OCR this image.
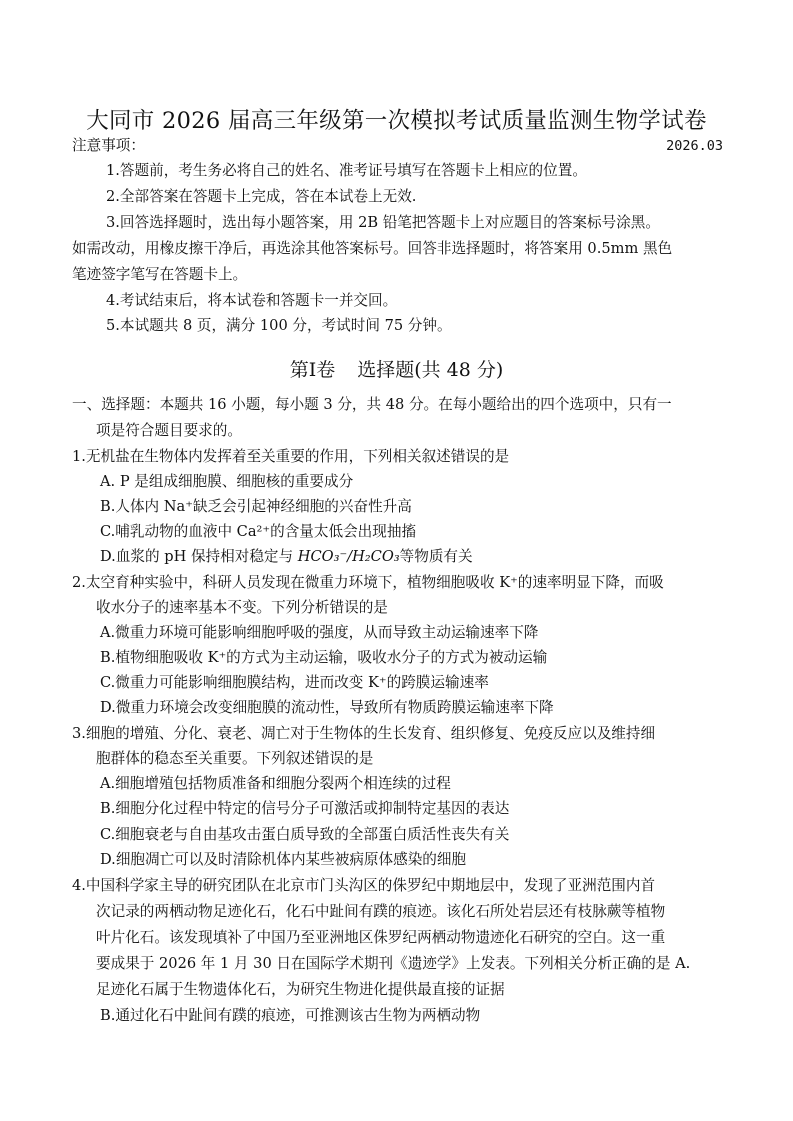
大同市 2026 届高三年级第一次模拟考试质量监测生物学试卷
注意事项：	2026.03
1.答题前，考生务必将自己的姓名、准考证号填写在答题卡上相应的位置。
2.全部答案在答题卡上完成，答在本试卷上无效.
3.回答选择题时，选出每小题答案，用 2B 铅笔把答题卡上对应题目的答案标号涂黑。
如需改动，用橡皮擦干净后，再选涂其他答案标号。回答非选择题时，将答案用 0.5mm 黑色
笔迹签字笔写在答题卡上。
4.考试结束后，将本试卷和答题卡一并交回。
5.本试题共 8 页，满分 100 分，考试时间 75 分钟。
第Ⅰ卷 选择题(共 48 分)
一、选择题：本题共 16 小题，每小题 3 分，共 48 分。在每小题给出的四个选项中，只有一
项是符合题目要求的。
1.无机盐在生物体内发挥着至关重要的作用，下列相关叙述错误的是
A. P 是组成细胞膜、细胞核的重要成分
B.人体内 Na⁺缺乏会引起神经细胞的兴奋性升高
C.哺乳动物的血液中 Ca²⁺的含量太低会出现抽搐
D.血浆的 pH 保持相对稳定与 HCO₃⁻/H₂CO₃等物质有关
2.太空育种实验中，科研人员发现在微重力环境下，植物细胞吸收 K⁺的速率明显下降，而吸
收水分子的速率基本不变。下列分析错误的是
A.微重力环境可能影响细胞呼吸的强度，从而导致主动运输速率下降
B.植物细胞吸收 K⁺的方式为主动运输，吸收水分子的方式为被动运输
C.微重力可能影响细胞膜结构，进而改变 K⁺的跨膜运输速率
D.微重力环境会改变细胞膜的流动性，导致所有物质跨膜运输速率下降
3.细胞的增殖、分化、衰老、凋亡对于生物体的生长发育、组织修复、免疫反应以及维持细
胞群体的稳态至关重要。下列叙述错误的是
A.细胞增殖包括物质准备和细胞分裂两个相连续的过程
B.细胞分化过程中特定的信号分子可激活或抑制特定基因的表达
C.细胞衰老与自由基攻击蛋白质导致的全部蛋白质活性丧失有关
D.细胞凋亡可以及时清除机体内某些被病原体感染的细胞
4.中国科学家主导的研究团队在北京市门头沟区的侏罗纪中期地层中，发现了亚洲范围内首
次记录的两栖动物足迹化石，化石中趾间有蹼的痕迹。该化石所处岩层还有枝脉蕨等植物
叶片化石。该发现填补了中国乃至亚洲地区侏罗纪两栖动物遗迹化石研究的空白。这一重
要成果于 2026 年 1 月 30 日在国际学术期刊《遗迹学》上发表。下列相关分析正确的是 A.
足迹化石属于生物遗体化石，为研究生物进化提供最直接的证据
B.通过化石中趾间有蹼的痕迹，可推测该古生物为两栖动物
